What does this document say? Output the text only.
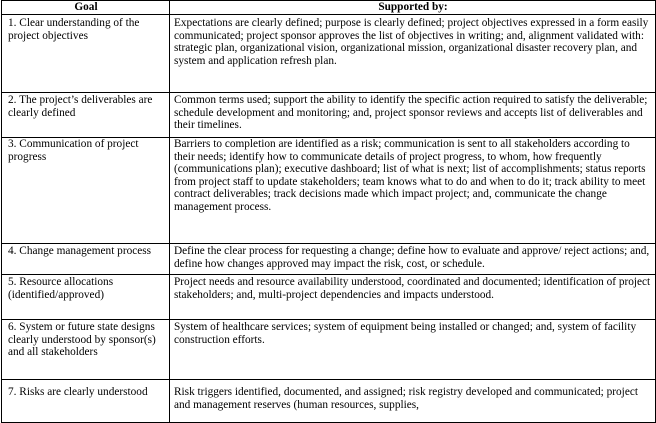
Goal	Supported by:
1. Clear understanding of the project objectives	Expectations are clearly defined; purpose is clearly defined; project objectives expressed in a form easily communicated; project sponsor approves the list of objectives in writing; and, alignment validated with: strategic plan, organizational vision, organizational mission, organizational disaster recovery plan, and system and application refresh plan.
2. The project’s deliverables are clearly defined	Common terms used; support the ability to identify the specific action required to satisfy the deliverable; schedule development and monitoring; and, project sponsor reviews and accepts list of deliverables and their timelines.
3. Communication of project progress	Barriers to completion are identified as a risk; communication is sent to all stakeholders according to their needs; identify how to communicate details of project progress, to whom, how frequently (communications plan); executive dashboard; list of what is next; list of accomplishments; status reports from project staff to update stakeholders; team knows what to do and when to do it; track ability to meet contract deliverables; track decisions made which impact project; and, communicate the change management process.
4. Change management process	Define the clear process for requesting a change; define how to evaluate and approve/ reject actions; and, define how changes approved may impact the risk, cost, or schedule.
5. Resource allocations (identified/approved)	Project needs and resource availability understood, coordinated and documented; identification of project stakeholders; and, multi-project dependencies and impacts understood.
6. System or future state designs clearly understood by sponsor(s) and all stakeholders	System of healthcare services; system of equipment being installed or changed; and, system of facility construction efforts.
7. Risks are clearly understood	Risk triggers identified, documented, and assigned; risk registry developed and communicated; project and management reserves (human resources, supplies,
